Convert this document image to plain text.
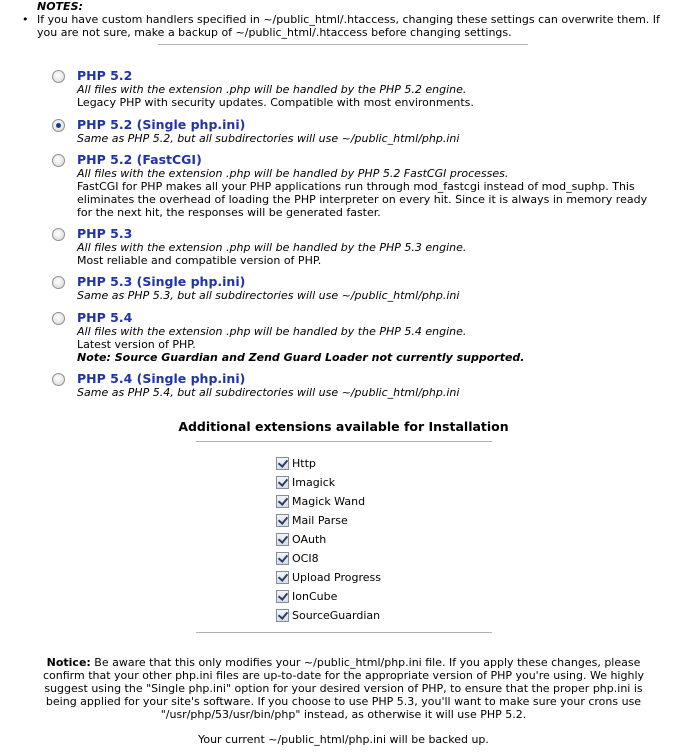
NOTES:
• If you have custom handlers specified in ~/public_html/.htaccess, changing these settings can overwrite them. If you are not sure, make a backup of ~/public_html/.htaccess before changing settings.
PHP 5.2
All files with the extension .php will be handled by the PHP 5.2 engine.
Legacy PHP with security updates. Compatible with most environments.
PHP 5.2 (Single php.ini)
Same as PHP 5.2, but all subdirectories will use ~/public_html/php.ini
PHP 5.2 (FastCGI)
All files with the extension .php will be handled by PHP 5.2 FastCGI processes.
FastCGI for PHP makes all your PHP applications run through mod_fastcgi instead of mod_suphp. This
eliminates the overhead of loading the PHP interpreter on every hit. Since it is always in memory ready
for the next hit, the responses will be generated faster.
PHP 5.3
All files with the extension .php will be handled by the PHP 5.3 engine.
Most reliable and compatible version of PHP.
PHP 5.3 (Single php.ini)
Same as PHP 5.3, but all subdirectories will use ~/public_html/php.ini
PHP 5.4
All files with the extension .php will be handled by the PHP 5.4 engine.
Latest version of PHP.
Note: Source Guardian and Zend Guard Loader not currently supported.
PHP 5.4 (Single php.ini)
Same as PHP 5.4, but all subdirectories will use ~/public_html/php.ini
Additional extensions available for Installation
Http
Imagick
Magick Wand
Mail Parse
OAuth
OCI8
Upload Progress
IonCube
SourceGuardian
Notice: Be aware that this only modifies your ~/public_html/php.ini file. If you apply these changes, please confirm that your other php.ini files are up-to-date for the appropriate version of PHP you're using. We highly suggest using the "Single php.ini" option for your desired version of PHP, to ensure that the proper php.ini is being applied for your site's software. If you choose to use PHP 5.3, you'll want to make sure your crons use "/usr/php/53/usr/bin/php" instead, as otherwise it will use PHP 5.2.
Your current ~/public_html/php.ini will be backed up.
